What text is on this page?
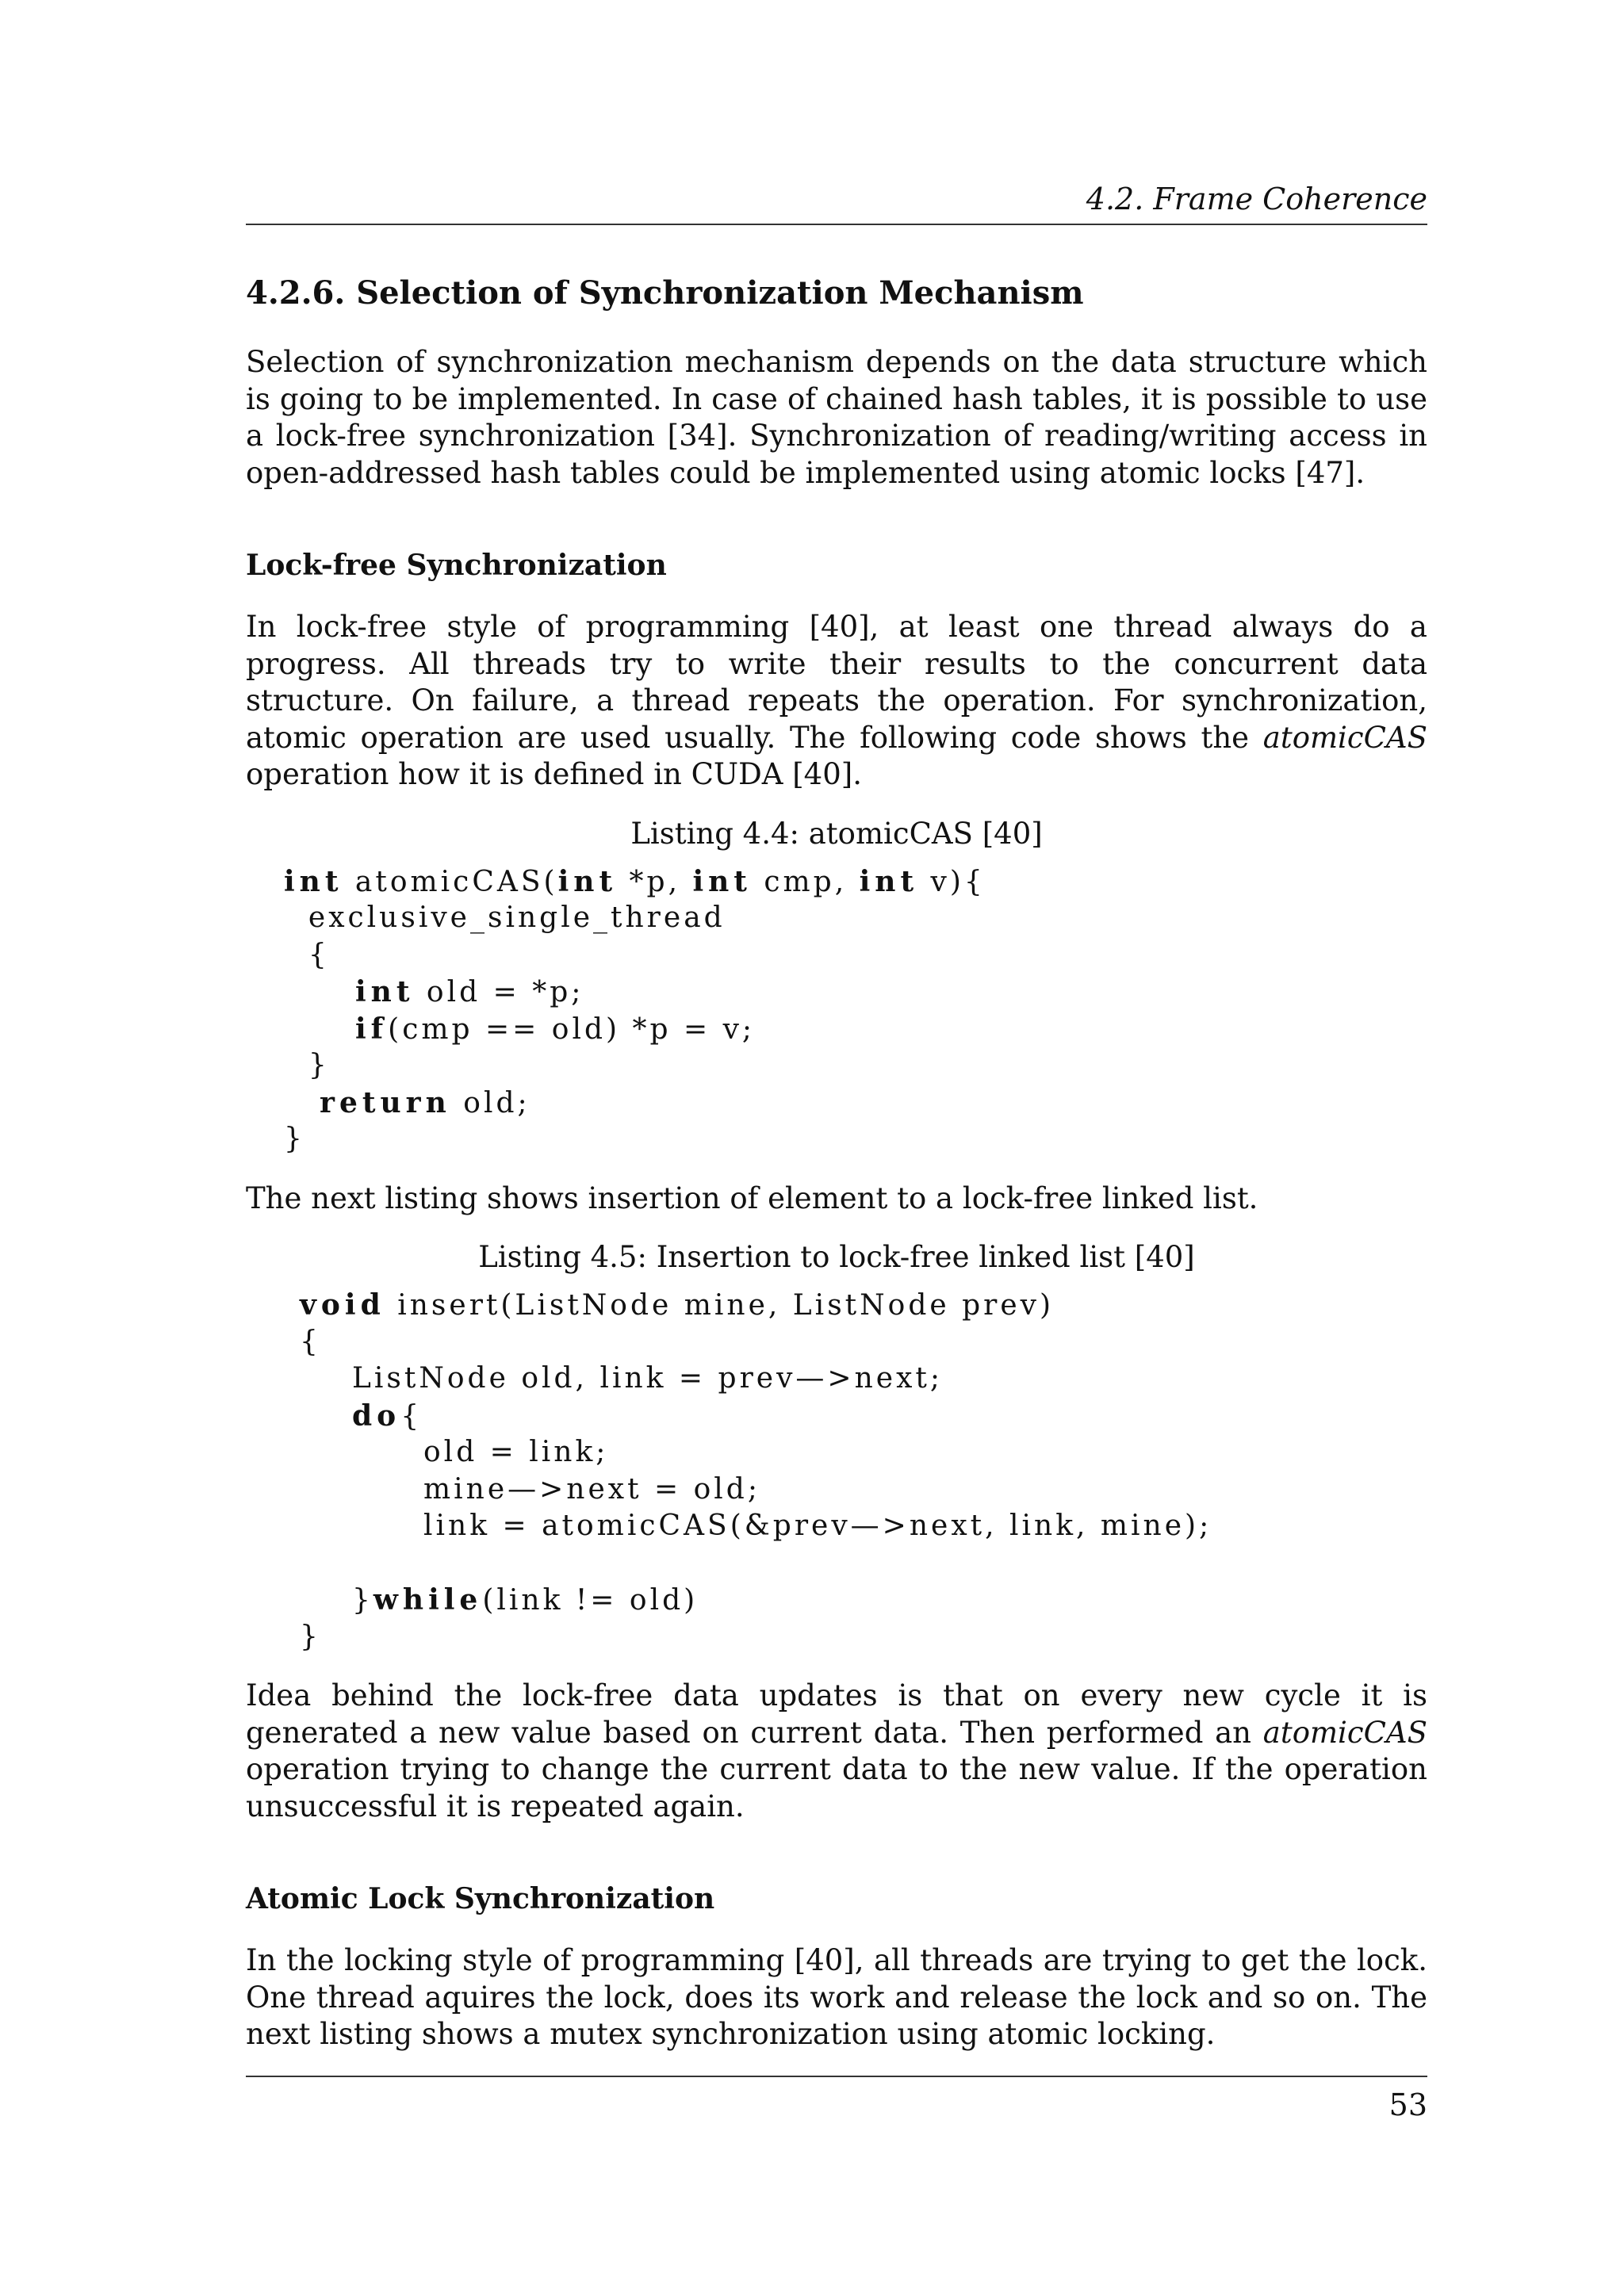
4.2. Frame Coherence
4.2.6. Selection of Synchronization Mechanism

Selection of synchronization mechanism depends on the data structure which is going to be implemented. In case of chained hash tables, it is possible to use a lock-free synchronization [34]. Synchronization of reading/writing access in open-addressed hash tables could be implemented using atomic locks [47].

Lock-free Synchronization

In lock-free style of programming [40], at least one thread always do a progress. All threads try to write their results to the concurrent data structure. On failure, a thread repeats the operation. For synchronization, atomic operation are used usually. The following code shows the atomicCAS operation how it is defined in CUDA [40].

Listing 4.4: atomicCAS [40]
int atomicCAS(int *p, int cmp, int v){
exclusive_single_thread
{
int old = *p;
if(cmp == old) *p = v;
}
return old;
}

The next listing shows insertion of element to a lock-free linked list.

Listing 4.5: Insertion to lock-free linked list [40]
void insert(ListNode mine, ListNode prev)
{
ListNode old, link = prev—>next;
do{
old = link;
mine—>next = old;
link = atomicCAS(&prev—>next, link, mine);
}while(link != old)
}

Idea behind the lock-free data updates is that on every new cycle it is generated a new value based on current data. Then performed an atomicCAS operation trying to change the current data to the new value. If the operation unsuccessful it is repeated again.

Atomic Lock Synchronization

In the locking style of programming [40], all threads are trying to get the lock. One thread aquires the lock, does its work and release the lock and so on. The next listing shows a mutex synchronization using atomic locking.

53
